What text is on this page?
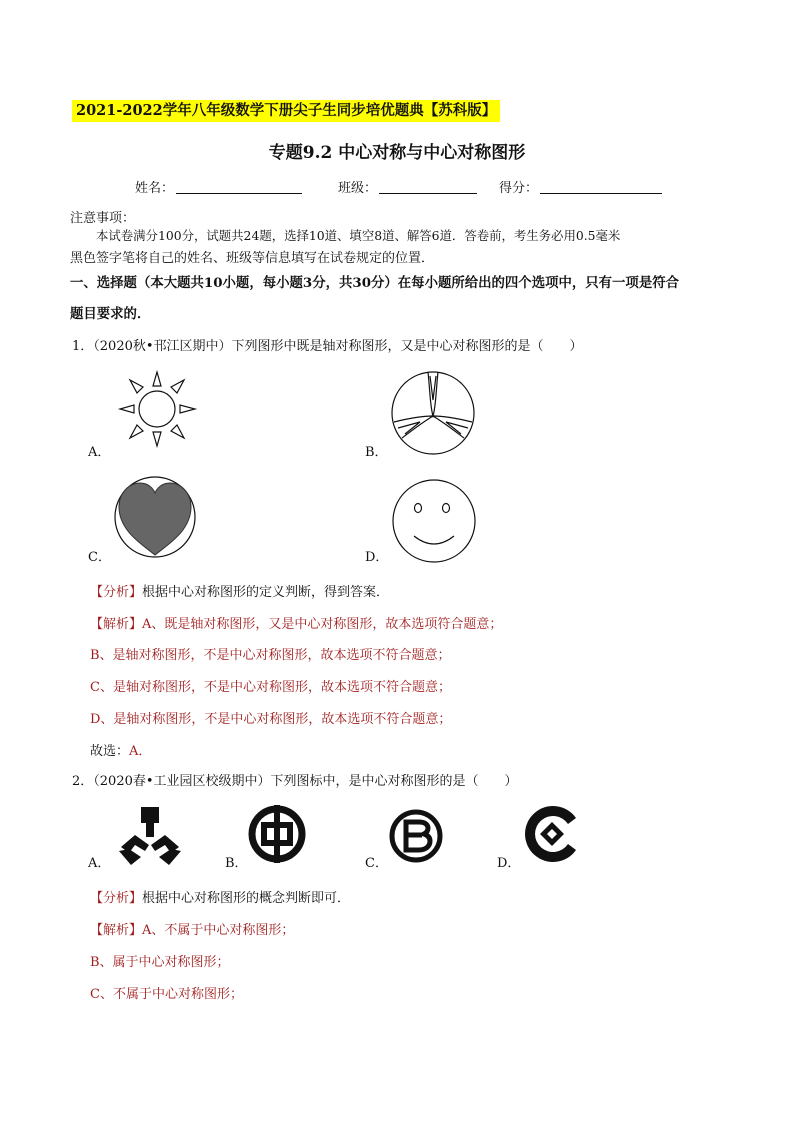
2021-2022学年八年级数学下册尖子生同步培优题典【苏科版】
专题9.2 中心对称与中心对称图形
姓名：	班级：	得分：
注意事项：
本试卷满分100分，试题共24题，选择10道、填空8道、解答6道．答卷前，考生务必用0.5毫米
黑色签字笔将自己的姓名、班级等信息填写在试卷规定的位置．
一、选择题（本大题共10小题，每小题3分，共30分）在每小题所给出的四个选项中，只有一项是符合
题目要求的．
1．（2020秋•邗江区期中）下列图形中既是轴对称图形，又是中心对称图形的是（　　）
A．	B．
C．	D．
【分析】根据中心对称图形的定义判断，得到答案．
【解析】A、既是轴对称图形，又是中心对称图形，故本选项符合题意；
B、是轴对称图形，不是中心对称图形，故本选项不符合题意；
C、是轴对称图形，不是中心对称图形，故本选项不符合题意；
D、是轴对称图形，不是中心对称图形，故本选项不符合题意；
故选：A．
2．（2020春•工业园区校级期中）下列图标中，是中心对称图形的是（　　）
A．	B．	C．	D．
【分析】根据中心对称图形的概念判断即可．
【解析】A、不属于中心对称图形；
B、属于中心对称图形；
C、不属于中心对称图形；
